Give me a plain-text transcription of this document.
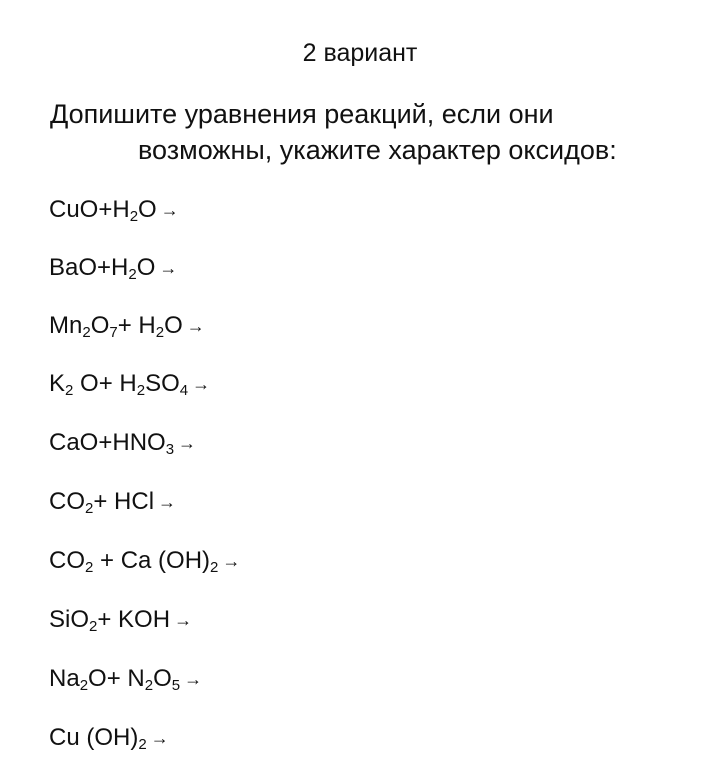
2 вариант
Допишите уравнения реакций, если они
возможны, укажите характер оксидов:
$CuO+H_2O$ →
$BaO+H_2O$ →
$Mn_2O_7+ H_2O$ →
$K_2$ $O+ H_2SO_4$ →
$CaO+HNO_3$ →
$CO_2+$ HCl →
$CO_2 + Ca$ $(OH)_2$ →
SiO$_2$+ KOH →
$Na_2O+ N_2O_5$ →
Cu $(OH)_2$ →
